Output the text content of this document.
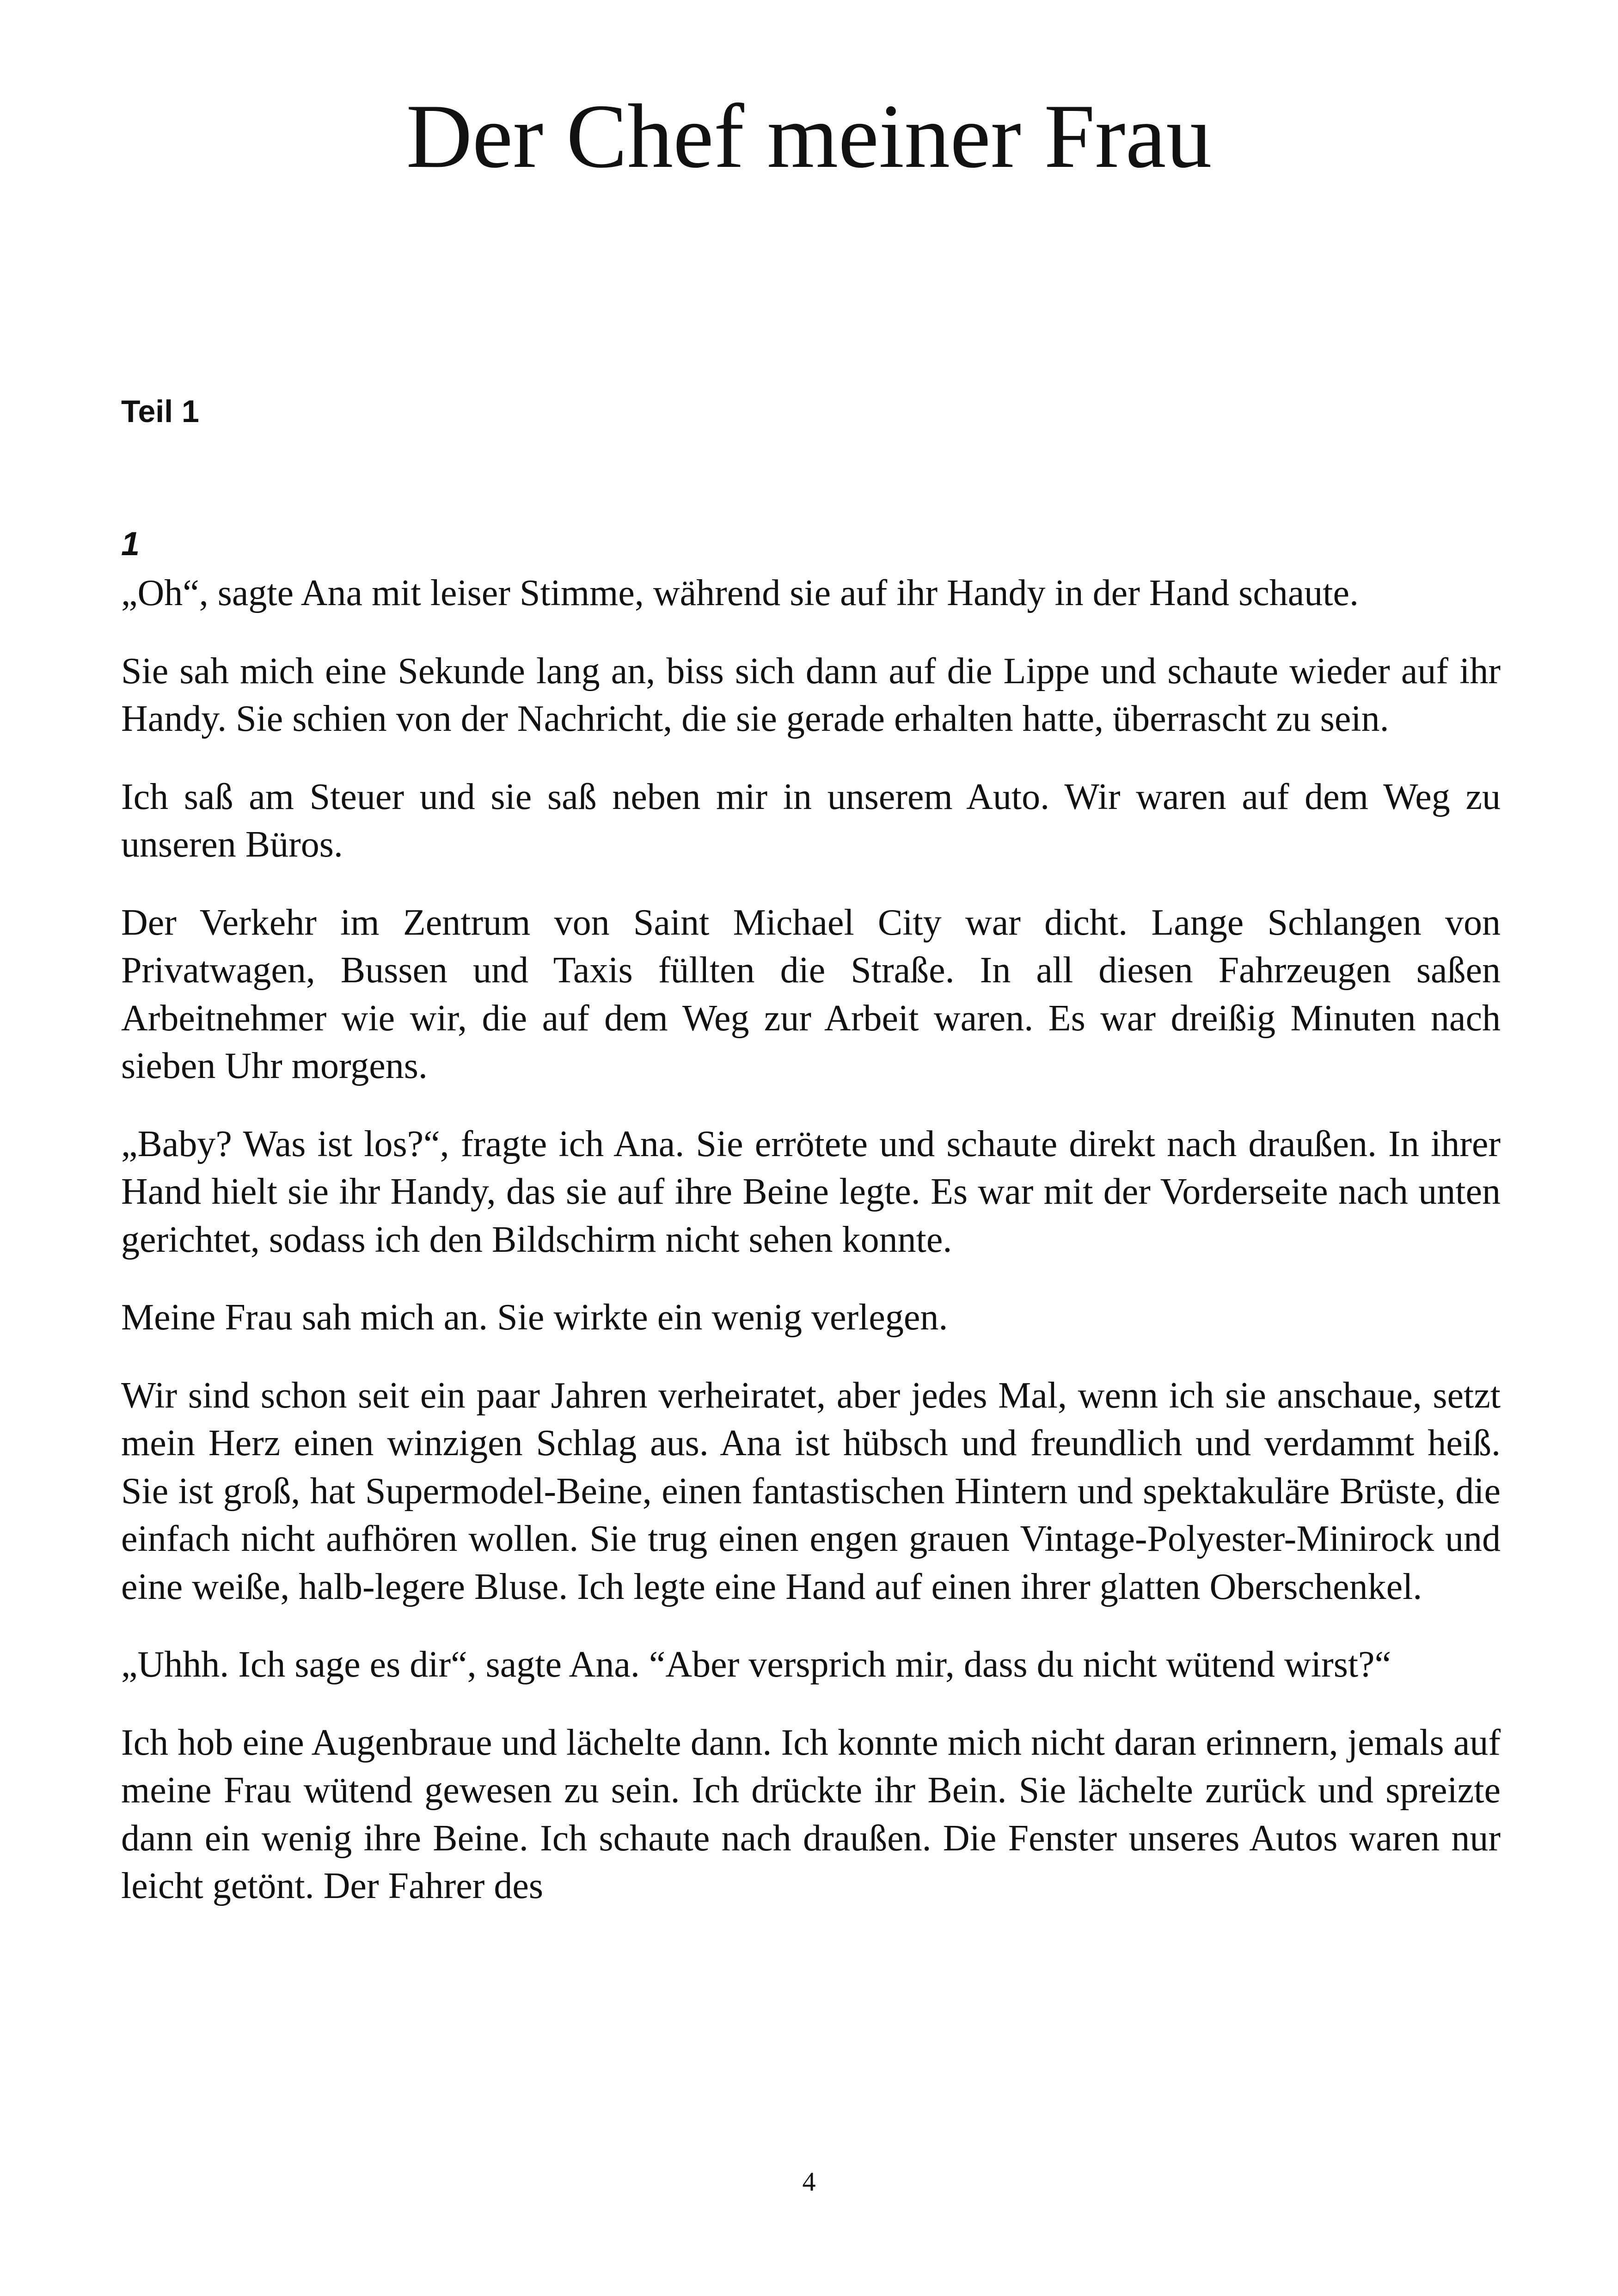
Der Chef meiner Frau
Teil 1
1

„Oh“, sagte Ana mit leiser Stimme, während sie auf ihr Handy in der Hand schaute.

Sie sah mich eine Sekunde lang an, biss sich dann auf die Lippe und schaute wieder auf ihr Handy. Sie schien von der Nachricht, die sie gerade erhalten hatte, überrascht zu sein.

Ich saß am Steuer und sie saß neben mir in unserem Auto. Wir waren auf dem Weg zu unseren Büros.

Der Verkehr im Zentrum von Saint Michael City war dicht. Lange Schlangen von Privatwagen, Bussen und Taxis füllten die Straße. In all diesen Fahrzeugen saßen Arbeitnehmer wie wir, die auf dem Weg zur Arbeit waren. Es war dreißig Minuten nach sieben Uhr morgens.

„Baby? Was ist los?“, fragte ich Ana. Sie errötete und schaute direkt nach draußen. In ihrer Hand hielt sie ihr Handy, das sie auf ihre Beine legte. Es war mit der Vorderseite nach unten gerichtet, sodass ich den Bildschirm nicht sehen konnte.

Meine Frau sah mich an. Sie wirkte ein wenig verlegen.

Wir sind schon seit ein paar Jahren verheiratet, aber jedes Mal, wenn ich sie anschaue, setzt mein Herz einen winzigen Schlag aus. Ana ist hübsch und freundlich und verdammt heiß. Sie ist groß, hat Supermodel-Beine, einen fantastischen Hintern und spektakuläre Brüste, die einfach nicht aufhören wollen. Sie trug einen engen grauen Vintage-Polyester-Minirock und eine weiße, halb-legere Bluse. Ich legte eine Hand auf einen ihrer glatten Oberschenkel.

„Uhhh. Ich sage es dir“, sagte Ana. “Aber versprich mir, dass du nicht wütend wirst?“

Ich hob eine Augenbraue und lächelte dann. Ich konnte mich nicht daran erinnern, jemals auf meine Frau wütend gewesen zu sein. Ich drückte ihr Bein. Sie lächelte zurück und spreizte dann ein wenig ihre Beine. Ich schaute nach draußen. Die Fenster unseres Autos waren nur leicht getönt. Der Fahrer des

4
